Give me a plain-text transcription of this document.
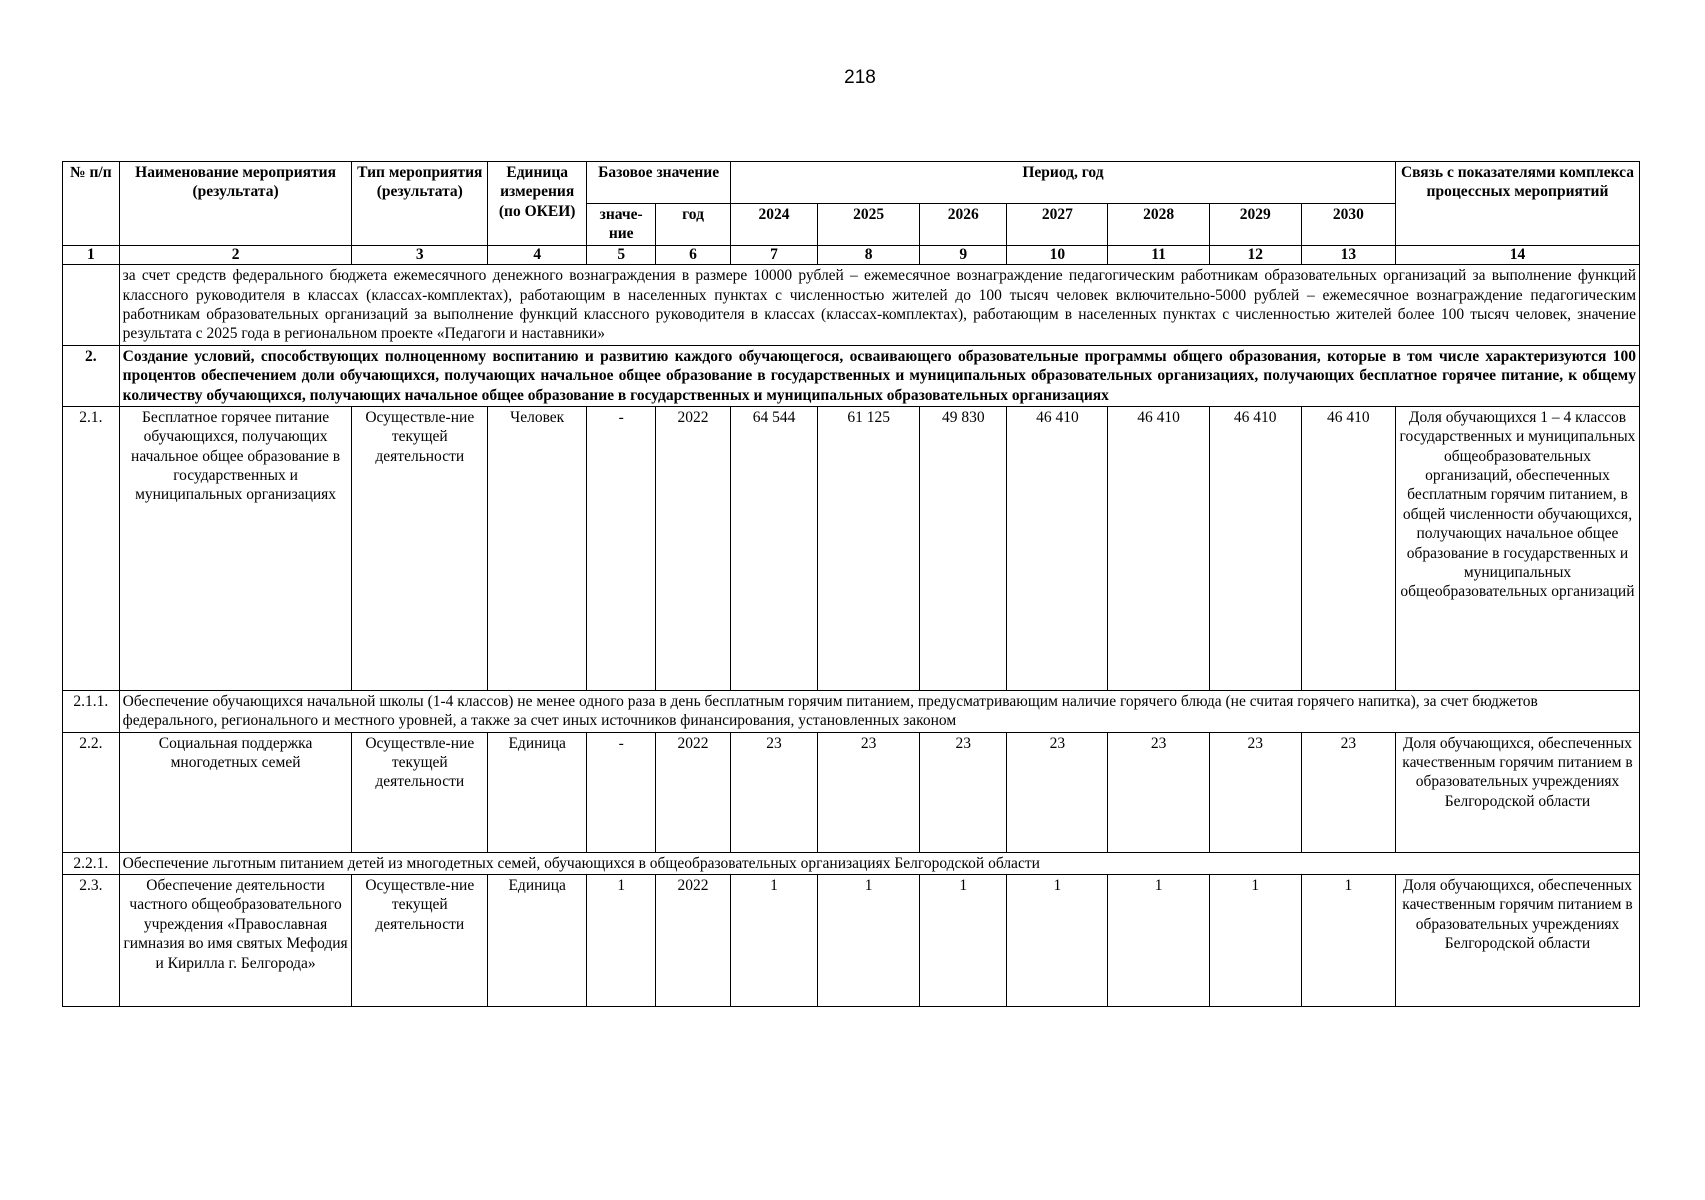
218
№ п/п	Наименование мероприятия (результата)	Тип мероприятия (результата)	Единица измерения (по ОКЕИ)	Базовое значение		Период, год							Связь с показателями комплекса процессных мероприятий
				значе-ние	год	2024	2025	2026	2027	2028	2029	2030	
1	2	3	4	5	6	7	8	9	10	11	12	13	14
	за счет средств федерального бюджета ежемесячного денежного вознаграждения в размере 10000 рублей – ежемесячное вознаграждение педагогическим работникам образовательных организаций за выполнение функций классного руководителя в классах (классах-комплектах), работающим в населенных пунктах с численностью жителей до 100 тысяч человек включительно-5000 рублей – ежемесячное вознаграждение педагогическим работникам образовательных организаций за выполнение функций классного руководителя в классах (классах-комплектах), работающим в населенных пунктах с численностью жителей более 100 тысяч человек, значение результата с 2025 года в региональном проекте «Педагоги и наставники»												
2.	Создание условий, способствующих полноценному воспитанию и развитию каждого обучающегося, осваивающего образовательные программы общего образования, которые в том числе характеризуются 100 процентов обеспечением доли обучающихся, получающих начальное общее образование в государственных и муниципальных образовательных организациях, получающих бесплатное горячее питание, к общему количеству обучающихся, получающих начальное общее образование в государственных и муниципальных образовательных организациях												
2.1.	Бесплатное горячее питание обучающихся, получающих начальное общее образование в государственных и муниципальных организациях	Осуществле-ние текущей деятельности	Человек	-	2022	64 544	61 125	49 830	46 410	46 410	46 410	46 410	Доля обучающихся 1 – 4 классов государственных и муниципальных общеобразовательных организаций, обеспеченных бесплатным горячим питанием, в общей численности обучающихся, получающих начальное общее образование в государственных и муниципальных общеобразовательных организаций
2.1.1.	Обеспечение обучающихся начальной школы (1-4 классов) не менее одного раза в день бесплатным горячим питанием, предусматривающим наличие горячего блюда (не считая горячего напитка), за счет бюджетов федерального, регионального и местного уровней, а также за счет иных источников финансирования, установленных законом												
2.2.	Социальная поддержка многодетных семей	Осуществле-ние текущей деятельности	Единица	-	2022	23	23	23	23	23	23	23	Доля обучающихся, обеспеченных качественным горячим питанием в образовательных учреждениях Белгородской области
2.2.1.	Обеспечение льготным питанием детей из многодетных семей, обучающихся в общеобразовательных организациях Белгородской области												
2.3.	Обеспечение деятельности частного общеобразовательного учреждения «Православная гимназия во имя святых Мефодия и Кирилла г. Белгорода»	Осуществле-ние текущей деятельности	Единица	1	2022	1	1	1	1	1	1	1	Доля обучающихся, обеспеченных качественным горячим питанием в образовательных учреждениях Белгородской области
